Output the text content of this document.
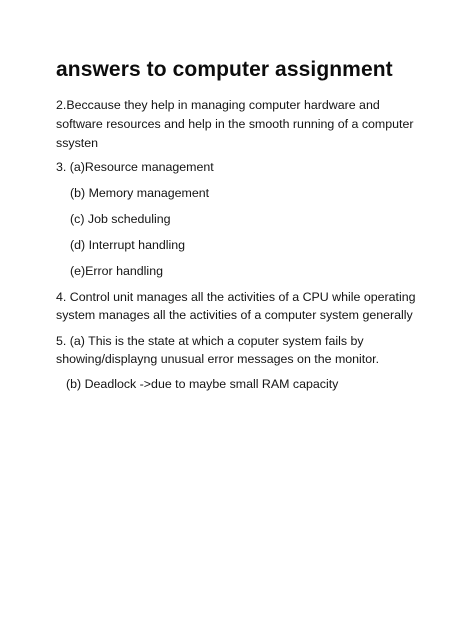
answers to computer assignment
2.Beccause they help in managing computer hardware and
software resources and help in the smooth running of a computer
ssysten
3. (a)Resource management
(b) Memory management
(c) Job scheduling
(d) Interrupt handling
(e)Error handling
4. Control unit manages all the activities of a CPU while operating
system manages all the activities of a computer system generally
5. (a) This is the state at which a coputer system fails by
showing/displayng unusual error messages on the monitor.
(b) Deadlock ->due to maybe small RAM capacity
